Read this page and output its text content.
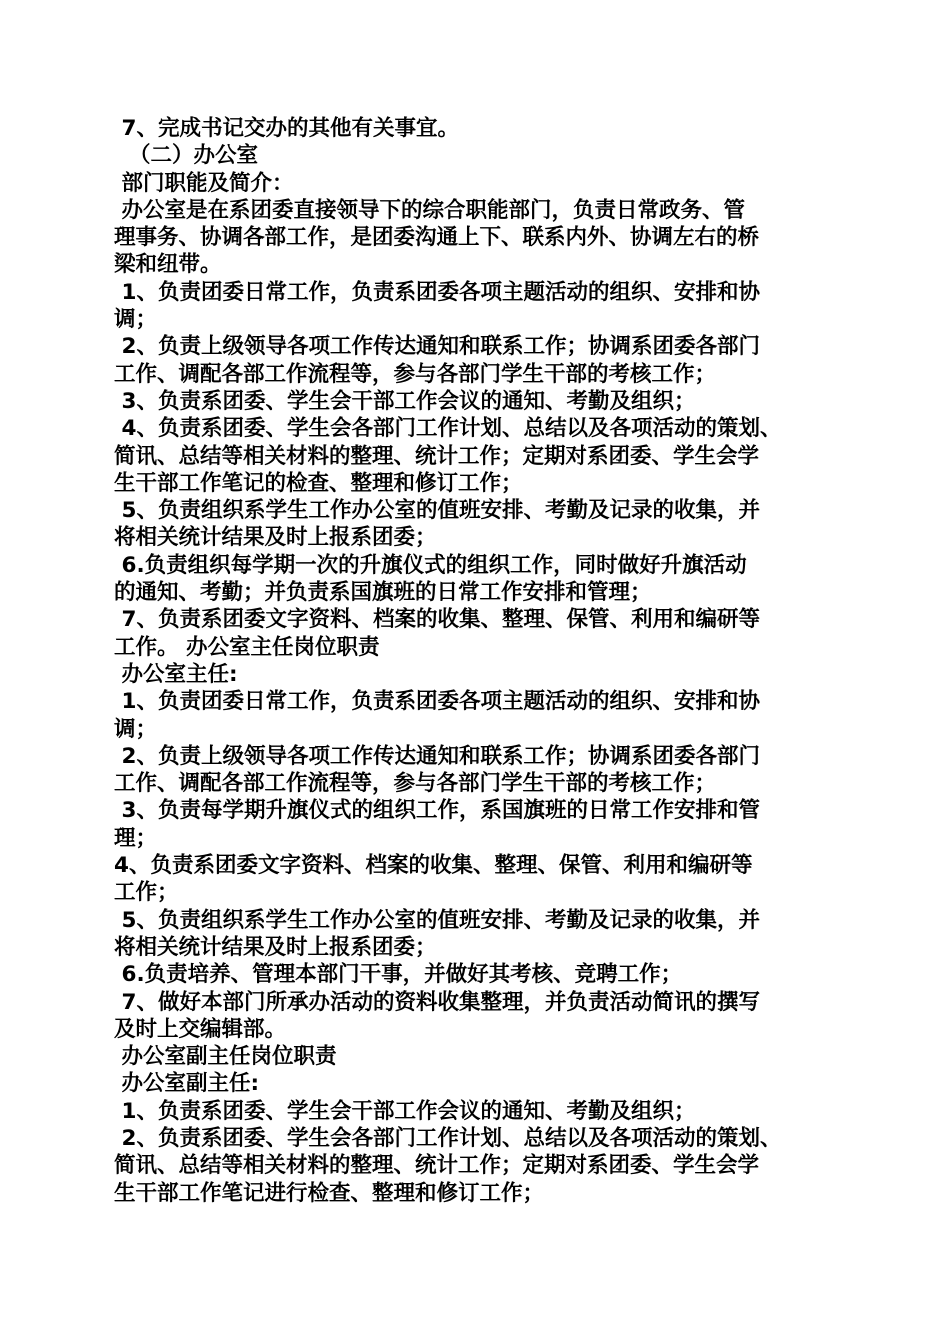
7、完成书记交办的其他有关事宜。
（二）办公室
部门职能及简介：
办公室是在系团委直接领导下的综合职能部门，负责日常政务、管
理事务、协调各部工作，是团委沟通上下、联系内外、协调左右的桥
梁和纽带。
1、负责团委日常工作，负责系团委各项主题活动的组织、安排和协
调；
2、负责上级领导各项工作传达通知和联系工作；协调系团委各部门
工作、调配各部工作流程等，参与各部门学生干部的考核工作；
3、负责系团委、学生会干部工作会议的通知、考勤及组织；
4、负责系团委、学生会各部门工作计划、总结以及各项活动的策划、
简讯、总结等相关材料的整理、统计工作；定期对系团委、学生会学
生干部工作笔记的检查、整理和修订工作；
5、负责组织系学生工作办公室的值班安排、考勤及记录的收集，并
将相关统计结果及时上报系团委；
6.负责组织每学期一次的升旗仪式的组织工作，同时做好升旗活动
的通知、考勤；并负责系国旗班的日常工作安排和管理；
7、负责系团委文字资料、档案的收集、整理、保管、利用和编研等
工作。 办公室主任岗位职责
办公室主任:
1、负责团委日常工作，负责系团委各项主题活动的组织、安排和协
调；
2、负责上级领导各项工作传达通知和联系工作；协调系团委各部门
工作、调配各部工作流程等，参与各部门学生干部的考核工作；
3、负责每学期升旗仪式的组织工作，系国旗班的日常工作安排和管
理；
4、负责系团委文字资料、档案的收集、整理、保管、利用和编研等
工作；
5、负责组织系学生工作办公室的值班安排、考勤及记录的收集，并
将相关统计结果及时上报系团委；
6.负责培养、管理本部门干事，并做好其考核、竞聘工作；
7、做好本部门所承办活动的资料收集整理，并负责活动简讯的撰写
及时上交编辑部。
办公室副主任岗位职责
办公室副主任:
1、负责系团委、学生会干部工作会议的通知、考勤及组织；
2、负责系团委、学生会各部门工作计划、总结以及各项活动的策划、
简讯、总结等相关材料的整理、统计工作；定期对系团委、学生会学
生干部工作笔记进行检查、整理和修订工作；
